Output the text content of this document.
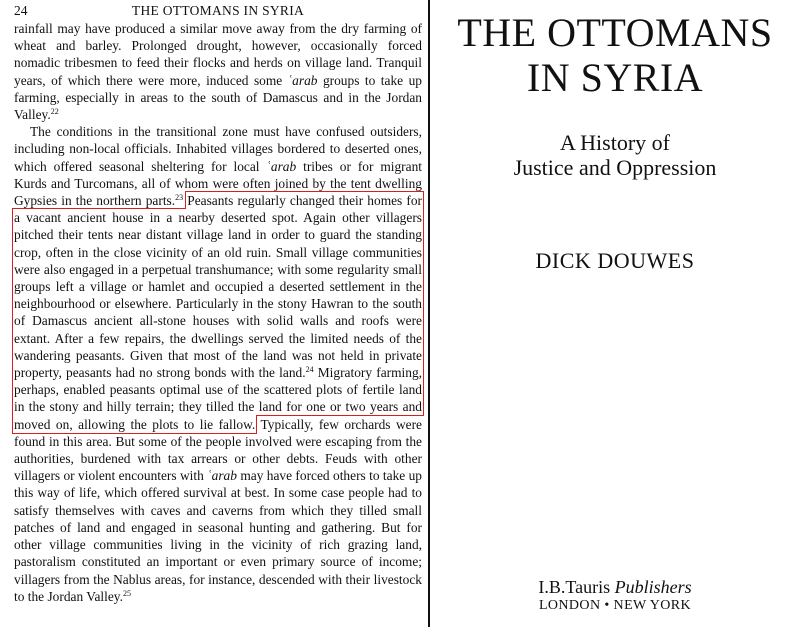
24	THE OTTOMANS IN SYRIA

rainfall may have produced a similar move away from the dry farming of wheat and barley. Prolonged drought, however, occasionally forced nomadic tribesmen to feed their flocks and herds on village land. Tranquil years, of which there were more, induced some ʿarab groups to take up farming, especially in areas to the south of Damascus and in the Jordan Valley.$^{22}$

The conditions in the transitional zone must have confused outsiders, including non-local officials. Inhabited villages bordered to deserted ones, which offered seasonal sheltering for local ʿarab tribes or for migrant Kurds and Turcomans, all of whom were often joined by the tent dwelling Gypsies in the northern parts.$^{23}$ Peasants regularly changed their homes for a vacant ancient house in a nearby deserted spot. Again other villagers pitched their tents near distant village land in order to guard the standing crop, often in the close vicinity of an old ruin. Small village communities were also engaged in a perpetual transhumance; with some regularity small groups left a village or hamlet and occupied a deserted settlement in the neighbourhood or elsewhere. Particularly in the stony Hawran to the south of Damascus ancient all-stone houses with solid walls and roofs were extant. After a few repairs, the dwellings served the limited needs of the wandering peasants. Given that most of the land was not held in private property, peasants had no strong bonds with the land.$^{24}$ Migratory farming, perhaps, enabled peasants optimal use of the scattered plots of fertile land in the stony and hilly terrain; they tilled the land for one or two years and moved on, allowing the plots to lie fallow. Typically, few orchards were found in this area. But some of the people involved were escaping from the authorities, burdened with tax arrears or other debts. Feuds with other villagers or violent encounters with ʿarab may have forced others to take up this way of life, which offered survival at best. In some case people had to satisfy themselves with caves and caverns from which they tilled small patches of land and engaged in seasonal hunting and gathering. But for other village communities living in the vicinity of rich grazing land, pastoralism constituted an important or even primary source of income; villagers from the Nablus areas, for instance, descended with their livestock to the Jordan Valley.$^{25}$

THE OTTOMANS
IN SYRIA
A History of
Justice and Oppression
DICK DOUWES
I.B.Tauris Publishers
LONDON • NEW YORK
